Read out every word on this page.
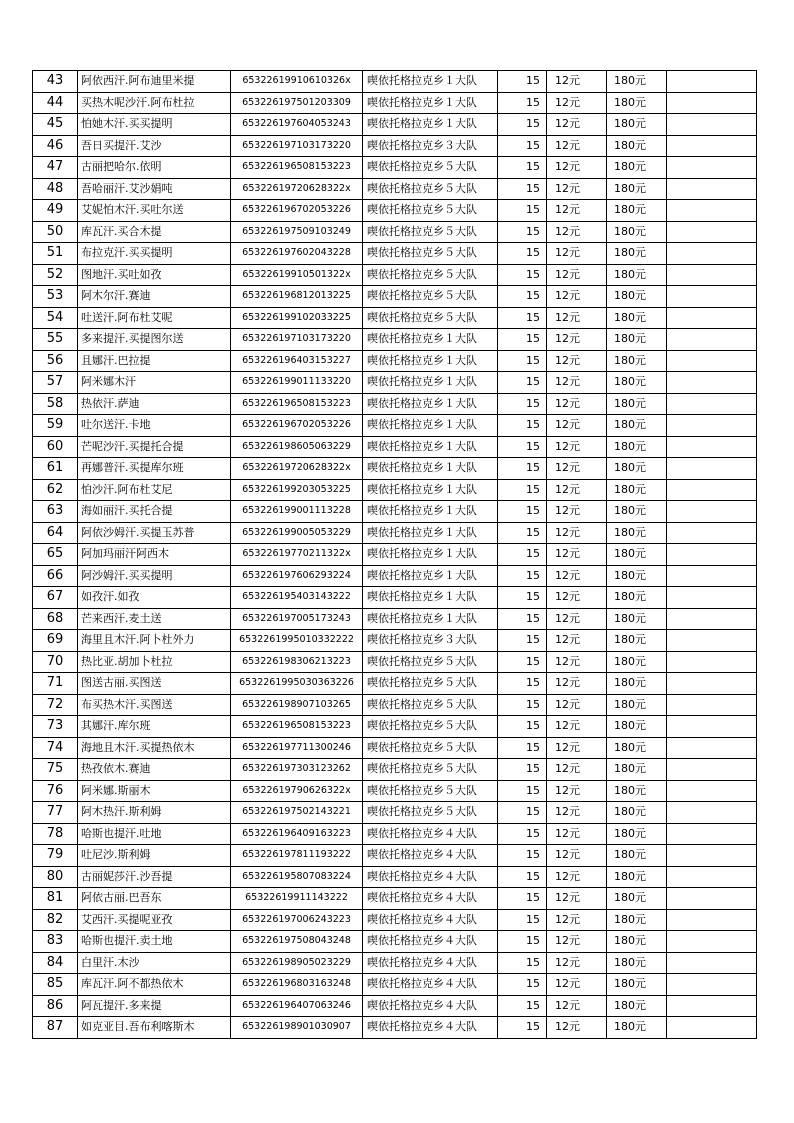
43	阿依西汗.阿布迪里米提	65322619910610326x	喫依托格拉克乡１大队	15	12元	180元	
44	买热木呢沙汗.阿布杜拉	653226197501203309	喫依托格拉克乡１大队	15	12元	180元	
45	怕她木汗.买买提明	653226197604053243	喫依托格拉克乡１大队	15	12元	180元	
46	吾日买提汗.艾沙	653226197103173220	喫依托格拉克乡３大队	15	12元	180元	
47	古丽把哈尔.依明	653226196508153223	喫依托格拉克乡５大队	15	12元	180元	
48	吾哈丽汗.艾沙娟吨	65322619720628322x	喫依托格拉克乡５大队	15	12元	180元	
49	艾妮怕木汗.买吐尔送	653226196702053226	喫依托格拉克乡５大队	15	12元	180元	
50	库瓦汗.买合木提	653226197509103249	喫依托格拉克乡５大队	15	12元	180元	
51	布拉克汗.买买提明	653226197602043228	喫依托格拉克乡５大队	15	12元	180元	
52	图地汗.买吐如孜	65322619910501322x	喫依托格拉克乡５大队	15	12元	180元	
53	阿木尔汗.赛迪	653226196812013225	喫依托格拉克乡５大队	15	12元	180元	
54	吐送汗.阿布杜艾呢	653226199102033225	喫依托格拉克乡５大队	15	12元	180元	
55	多来提汗.买提图尔送	653226197103173220	喫依托格拉克乡１大队	15	12元	180元	
56	且娜汗.巴拉提	653226196403153227	喫依托格拉克乡１大队	15	12元	180元	
57	阿米娜木汗	653226199011133220	喫依托格拉克乡１大队	15	12元	180元	
58	热依汗.萨迪	653226196508153223	喫依托格拉克乡１大队	15	12元	180元	
59	吐尔送汗.卡地	653226196702053226	喫依托格拉克乡１大队	15	12元	180元	
60	芒呢沙汗.买提托合提	653226198605063229	喫依托格拉克乡１大队	15	12元	180元	
61	再娜普汗.买提库尔班	65322619720628322x	喫依托格拉克乡１大队	15	12元	180元	
62	怕沙汗.阿布杜艾尼	653226199203053225	喫依托格拉克乡１大队	15	12元	180元	
63	海如丽汗.买托合提	653226199001113228	喫依托格拉克乡１大队	15	12元	180元	
64	阿依沙姆汗.买提玉苏普	653226199005053229	喫依托格拉克乡１大队	15	12元	180元	
65	阿加玛丽汗阿西木	65322619770211322x	喫依托格拉克乡１大队	15	12元	180元	
66	阿沙姆汗.买买提明	653226197606293224	喫依托格拉克乡１大队	15	12元	180元	
67	如孜汗.如孜	653226195403143222	喫依托格拉克乡１大队	15	12元	180元	
68	芒来西汗.麦土送	653226197005173243	喫依托格拉克乡１大队	15	12元	180元	
69	海里且木汗.阿卜杜外力	6532261995010332222	喫依托格拉克乡３大队	15	12元	180元	
70	热比亚.胡加卜杜拉	653226198306213223	喫依托格拉克乡５大队	15	12元	180元	
71	图送古丽.买图送	6532261995030363226	喫依托格拉克乡５大队	15	12元	180元	
72	布买热木汗.买图送	653226198907103265	喫依托格拉克乡５大队	15	12元	180元	
73	其娜汗.库尔班	653226196508153223	喫依托格拉克乡５大队	15	12元	180元	
74	海地且木汗.买提热依木	653226197711300246	喫依托格拉克乡５大队	15	12元	180元	
75	热孜依木.赛迪	653226197303123262	喫依托格拉克乡５大队	15	12元	180元	
76	阿米娜.斯丽木	65322619790626322x	喫依托格拉克乡５大队	15	12元	180元	
77	阿木热汗.斯利姆	653226197502143221	喫依托格拉克乡５大队	15	12元	180元	
78	哈斯也提汗.吐地	653226196409163223	喫依托格拉克乡４大队	15	12元	180元	
79	吐尼沙.斯利姆	653226197811193222	喫依托格拉克乡４大队	15	12元	180元	
80	古丽妮莎汗.沙吾提	653226195807083224	喫依托格拉克乡４大队	15	12元	180元	
81	阿依古丽.巴吾东	65322619911143222	喫依托格拉克乡４大队	15	12元	180元	
82	艾西汗.买提呢亚孜	653226197006243223	喫依托格拉克乡４大队	15	12元	180元	
83	哈斯也提汗.卖土地	653226197508043248	喫依托格拉克乡４大队	15	12元	180元	
84	白里汗.木沙	653226198905023229	喫依托格拉克乡４大队	15	12元	180元	
85	库瓦汗.阿不都热依木	653226196803163248	喫依托格拉克乡４大队	15	12元	180元	
86	阿瓦提汗.多来提	653226196407063246	喫依托格拉克乡４大队	15	12元	180元	
87	如克亚目.吾布利喀斯木	653226198901030907	喫依托格拉克乡４大队	15	12元	180元	
